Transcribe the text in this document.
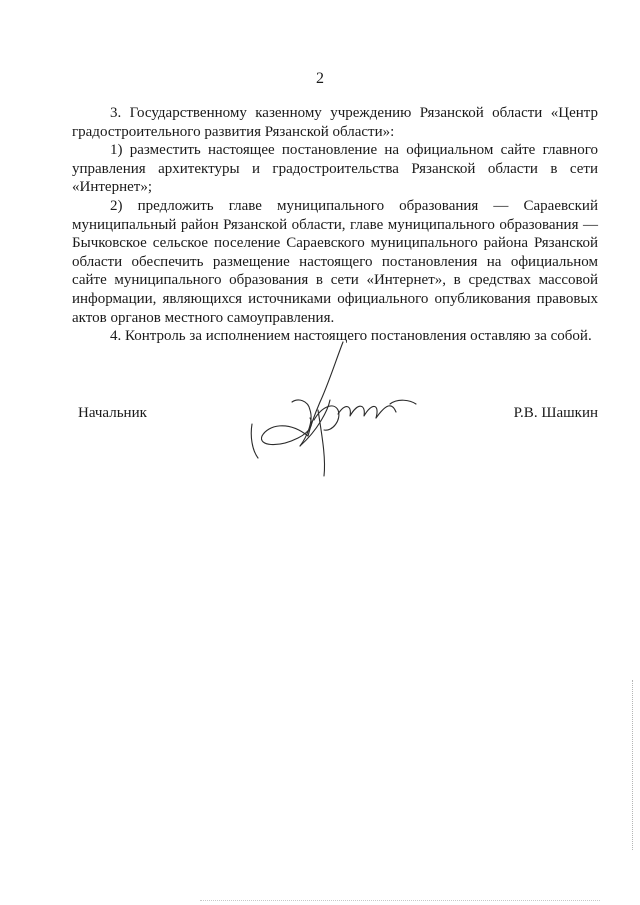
2

3. Государственному казенному учреждению Рязанской области «Центр градостроительного развития Рязанской области»:

1) разместить настоящее постановление на официальном сайте главного управления архитектуры и градостроительства Рязанской области в сети «Интернет»;

2) предложить главе муниципального образования — Сараевский муниципальный район Рязанской области, главе муниципального образования — Бычковское сельское поселение Сараевского муниципального района Рязанской области обеспечить размещение настоящего постановления на официальном сайте муниципального образования в сети «Интернет», в средствах массовой информации, являющихся источниками официального опубликования правовых актов органов местного самоуправления.

4. Контроль за исполнением настоящего постановления оставляю за собой.

Начальник	Р.В. Шашкин
